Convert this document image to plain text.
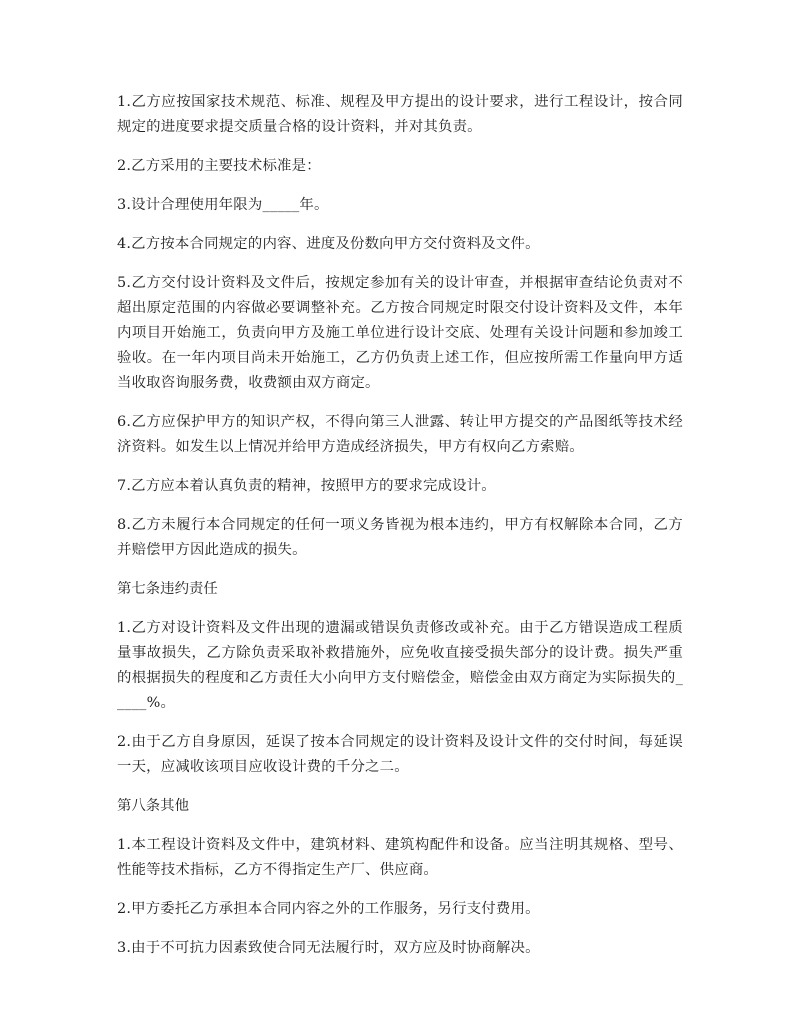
1.乙方应按国家技术规范、标准、规程及甲方提出的设计要求，进行工程设计，按合同规定的进度要求提交质量合格的设计资料，并对其负责。

2.乙方采用的主要技术标准是：

3.设计合理使用年限为_____年。

4.乙方按本合同规定的内容、进度及份数向甲方交付资料及文件。

5.乙方交付设计资料及文件后，按规定参加有关的设计审查，并根据审查结论负责对不超出原定范围的内容做必要调整补充。乙方按合同规定时限交付设计资料及文件，本年内项目开始施工，负责向甲方及施工单位进行设计交底、处理有关设计问题和参加竣工验收。在一年内项目尚未开始施工，乙方仍负责上述工作，但应按所需工作量向甲方适当收取咨询服务费，收费额由双方商定。

6.乙方应保护甲方的知识产权，不得向第三人泄露、转让甲方提交的产品图纸等技术经济资料。如发生以上情况并给甲方造成经济损失，甲方有权向乙方索赔。

7.乙方应本着认真负责的精神，按照甲方的要求完成设计。

8.乙方未履行本合同规定的任何一项义务皆视为根本违约，甲方有权解除本合同，乙方并赔偿甲方因此造成的损失。

第七条违约责任

1.乙方对设计资料及文件出现的遗漏或错误负责修改或补充。由于乙方错误造成工程质量事故损失，乙方除负责采取补救措施外，应免收直接受损失部分的设计费。损失严重的根据损失的程度和乙方责任大小向甲方支付赔偿金，赔偿金由双方商定为实际损失的_____%。

2.由于乙方自身原因，延误了按本合同规定的设计资料及设计文件的交付时间，每延误一天，应减收该项目应收设计费的千分之二。

第八条其他

1.本工程设计资料及文件中，建筑材料、建筑构配件和设备。应当注明其规格、型号、性能等技术指标，乙方不得指定生产厂、供应商。

2.甲方委托乙方承担本合同内容之外的工作服务，另行支付费用。

3.由于不可抗力因素致使合同无法履行时，双方应及时协商解决。
